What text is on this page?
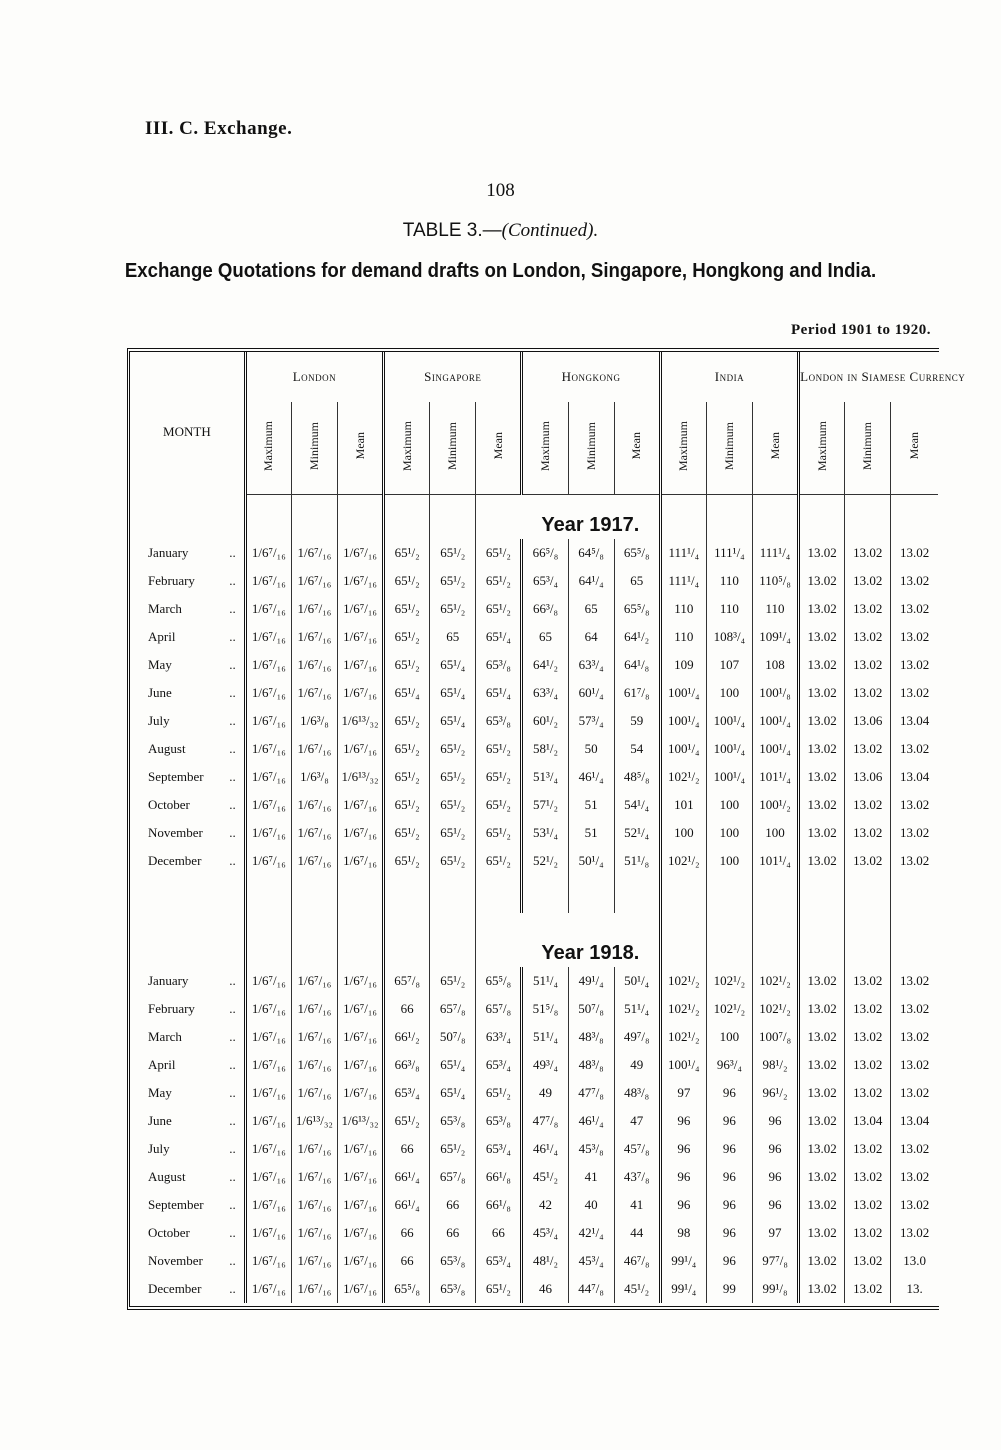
III. C. Exchange.
108
TABLE 3.—(Continued).
Exchange Quotations for demand drafts on London, Singapore, Hongkong and India.
Period 1901 to 1920.
MONTH	London			Singapore			Hongkong			India			London in Siamese Currency		
	Maximum	Minimum	Mean	Maximum	Minimum	Mean	Maximum	Minimum	Mean	Maximum	Minimum	Mean	Maximum	Minimum	Mean
							Year 1917.								
January ..	1/6⁷/₁₆	1/6⁷/₁₆	1/6⁷/₁₆	65¹/₂	65¹/₂	65¹/₂	66⁵/₈	64⁵/₈	65⁵/₈	111¹/₄	111¹/₄	111¹/₄	13.02	13.02	13.02
February ..	1/6⁷/₁₆	1/6⁷/₁₆	1/6⁷/₁₆	65¹/₂	65¹/₂	65¹/₂	65³/₄	64¹/₄	65	111¹/₄	110	110⁵/₈	13.02	13.02	13.02
March ..	1/6⁷/₁₆	1/6⁷/₁₆	1/6⁷/₁₆	65¹/₂	65¹/₂	65¹/₂	66³/₈	65	65⁵/₈	110	110	110	13.02	13.02	13.02
April ..	1/6⁷/₁₆	1/6⁷/₁₆	1/6⁷/₁₆	65¹/₂	65	65¹/₄	65	64	64¹/₂	110	108³/₄	109¹/₄	13.02	13.02	13.02
May ..	1/6⁷/₁₆	1/6⁷/₁₆	1/6⁷/₁₆	65¹/₂	65¹/₄	65³/₈	64¹/₂	63³/₄	64¹/₈	109	107	108	13.02	13.02	13.02
June ..	1/6⁷/₁₆	1/6⁷/₁₆	1/6⁷/₁₆	65¹/₄	65¹/₄	65¹/₄	63³/₄	60¹/₄	61⁷/₈	100¹/₄	100	100¹/₈	13.02	13.02	13.02
July ..	1/6⁷/₁₆	1/6³/₈	1/6¹³/₃₂	65¹/₂	65¹/₄	65³/₈	60¹/₂	57³/₄	59	100¹/₄	100¹/₄	100¹/₄	13.02	13.06	13.04
August ..	1/6⁷/₁₆	1/6⁷/₁₆	1/6⁷/₁₆	65¹/₂	65¹/₂	65¹/₂	58¹/₂	50	54	100¹/₄	100¹/₄	100¹/₄	13.02	13.02	13.02
September ..	1/6⁷/₁₆	1/6³/₈	1/6¹³/₃₂	65¹/₂	65¹/₂	65¹/₂	51³/₄	46¹/₄	48⁵/₈	102¹/₂	100¹/₄	101¹/₄	13.02	13.06	13.04
October ..	1/6⁷/₁₆	1/6⁷/₁₆	1/6⁷/₁₆	65¹/₂	65¹/₂	65¹/₂	57¹/₂	51	54¹/₄	101	100	100¹/₂	13.02	13.02	13.02
November ..	1/6⁷/₁₆	1/6⁷/₁₆	1/6⁷/₁₆	65¹/₂	65¹/₂	65¹/₂	53¹/₄	51	52¹/₄	100	100	100	13.02	13.02	13.02
December ..	1/6⁷/₁₆	1/6⁷/₁₆	1/6⁷/₁₆	65¹/₂	65¹/₂	65¹/₂	52¹/₂	50¹/₄	51¹/₈	102¹/₂	100	101¹/₄	13.02	13.02	13.02

							Year 1918.								
January ..	1/6⁷/₁₆	1/6⁷/₁₆	1/6⁷/₁₆	65⁷/₈	65¹/₂	65⁵/₈	51¹/₄	49¹/₄	50¹/₄	102¹/₂	102¹/₂	102¹/₂	13.02	13.02	13.02
February ..	1/6⁷/₁₆	1/6⁷/₁₆	1/6⁷/₁₆	66	65⁷/₈	65⁷/₈	51⁵/₈	50⁷/₈	51¹/₄	102¹/₂	102¹/₂	102¹/₂	13.02	13.02	13.02
March ..	1/6⁷/₁₆	1/6⁷/₁₆	1/6⁷/₁₆	66¹/₂	50⁷/₈	63³/₄	51¹/₄	48³/₈	49⁷/₈	102¹/₂	100	100⁷/₈	13.02	13.02	13.02
April ..	1/6⁷/₁₆	1/6⁷/₁₆	1/6⁷/₁₆	66³/₈	65¹/₄	65³/₄	49³/₄	48³/₈	49	100¹/₄	96³/₄	98¹/₂	13.02	13.02	13.02
May ..	1/6⁷/₁₆	1/6⁷/₁₆	1/6⁷/₁₆	65³/₄	65¹/₄	65¹/₂	49	47⁷/₈	48³/₈	97	96	96¹/₂	13.02	13.02	13.02
June ..	1/6⁷/₁₆	1/6¹³/₃₂	1/6¹³/₃₂	65¹/₂	65³/₈	65³/₈	47⁷/₈	46¹/₄	47	96	96	96	13.02	13.04	13.04
July ..	1/6⁷/₁₆	1/6⁷/₁₆	1/6⁷/₁₆	66	65¹/₂	65³/₄	46¹/₄	45³/₈	45⁷/₈	96	96	96	13.02	13.02	13.02
August ..	1/6⁷/₁₆	1/6⁷/₁₆	1/6⁷/₁₆	66¹/₄	65⁷/₈	66¹/₈	45¹/₂	41	43⁷/₈	96	96	96	13.02	13.02	13.02
September ..	1/6⁷/₁₆	1/6⁷/₁₆	1/6⁷/₁₆	66¹/₄	66	66¹/₈	42	40	41	96	96	96	13.02	13.02	13.02
October ..	1/6⁷/₁₆	1/6⁷/₁₆	1/6⁷/₁₆	66	66	66	45³/₄	42¹/₄	44	98	96	97	13.02	13.02	13.02
November ..	1/6⁷/₁₆	1/6⁷/₁₆	1/6⁷/₁₆	66	65³/₈	65³/₄	48¹/₂	45³/₄	46⁷/₈	99¹/₄	96	97⁷/₈	13.02	13.02	13.0
December ..	1/6⁷/₁₆	1/6⁷/₁₆	1/6⁷/₁₆	65⁵/₈	65³/₈	65¹/₂	46	44⁷/₈	45¹/₂	99¹/₄	99	99¹/₈	13.02	13.02	13.
